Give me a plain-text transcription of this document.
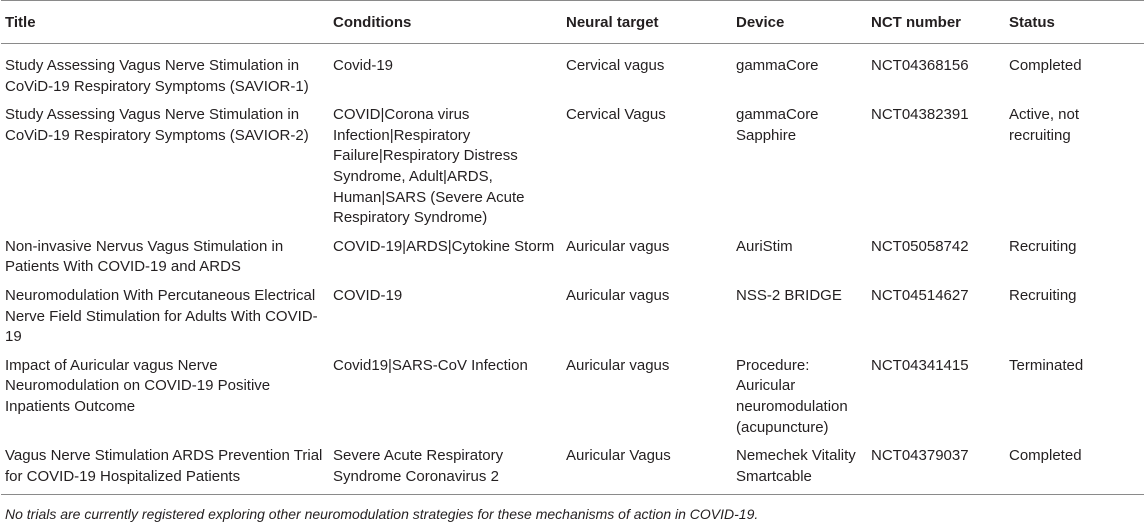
Title	Conditions	Neural target	Device	NCT number	Status
Study Assessing Vagus Nerve Stimulation in CoViD-19 Respiratory Symptoms (SAVIOR-1)	Covid-19	Cervical vagus	gammaCore	NCT04368156	Completed
Study Assessing Vagus Nerve Stimulation in CoViD-19 Respiratory Symptoms (SAVIOR-2)	COVID|Corona virus Infection|Respiratory Failure|Respiratory Distress Syndrome, Adult|ARDS, Human|SARS (Severe Acute Respiratory Syndrome)	Cervical Vagus	gammaCore Sapphire	NCT04382391	Active, not recruiting
Non-invasive Nervus Vagus Stimulation in Patients With COVID-19 and ARDS	COVID-19|ARDS|Cytokine Storm	Auricular vagus	AuriStim	NCT05058742	Recruiting
Neuromodulation With Percutaneous Electrical Nerve Field Stimulation for Adults With COVID-19	COVID-19	Auricular vagus	NSS-2 BRIDGE	NCT04514627	Recruiting
Impact of Auricular vagus Nerve Neuromodulation on COVID-19 Positive Inpatients Outcome	Covid19|SARS-CoV Infection	Auricular vagus	Procedure: Auricular neuromodulation (acupuncture)	NCT04341415	Terminated
Vagus Nerve Stimulation ARDS Prevention Trial for COVID-19 Hospitalized Patients	Severe Acute Respiratory Syndrome Coronavirus 2	Auricular Vagus	Nemechek Vitality Smartcable	NCT04379037	Completed
No trials are currently registered exploring other neuromodulation strategies for these mechanisms of action in COVID-19.
